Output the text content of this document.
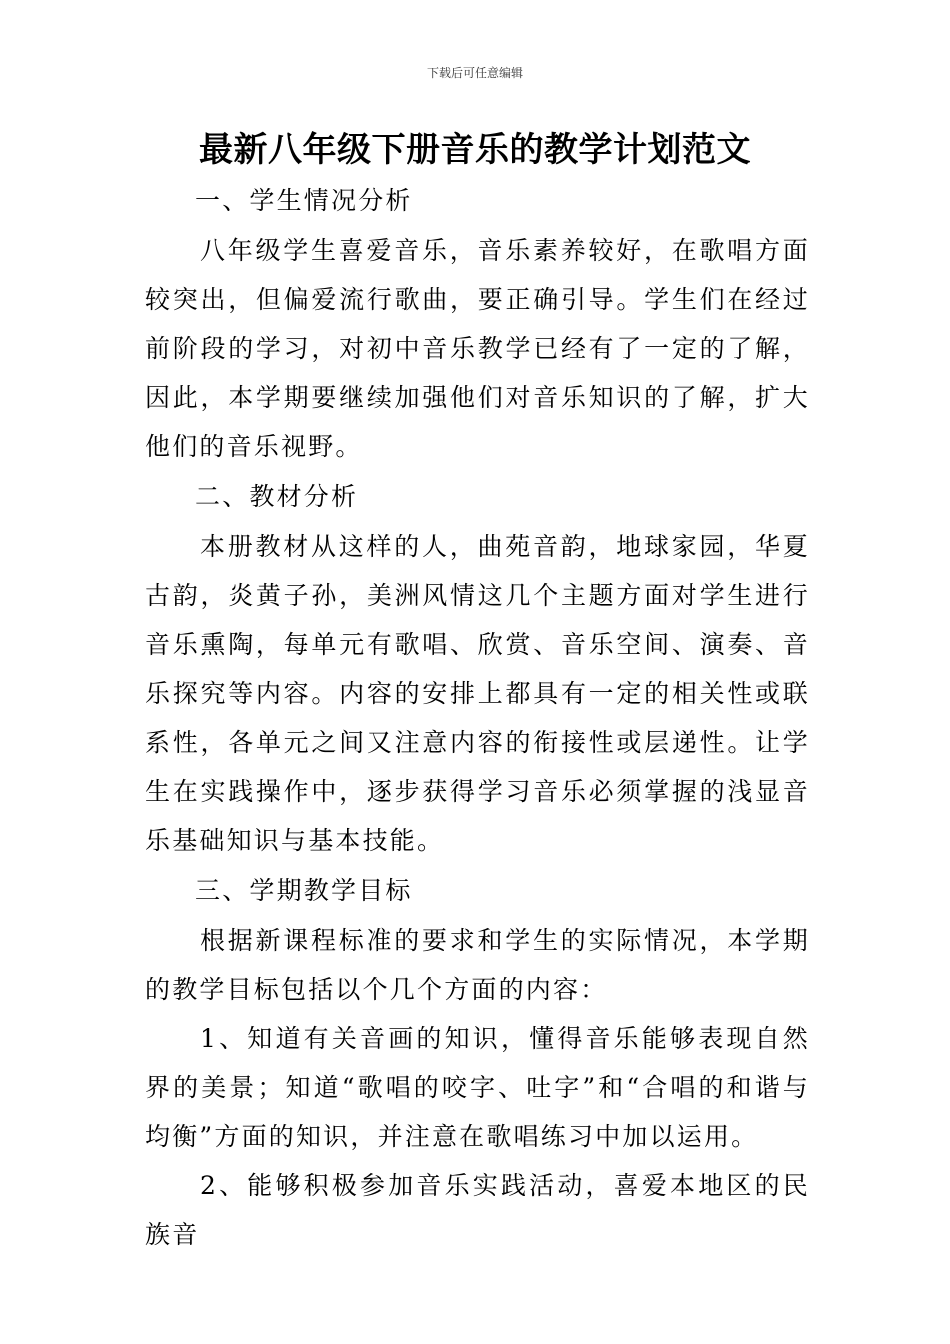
下载后可任意编辑
最新八年级下册音乐的教学计划范文

一、学生情况分析

八年级学生喜爱音乐，音乐素养较好，在歌唱方面较突出，但偏爱流行歌曲，要正确引导。学生们在经过前阶段的学习，对初中音乐教学已经有了一定的了解，因此，本学期要继续加强他们对音乐知识的了解，扩大他们的音乐视野。

二、教材分析

本册教材从这样的人，曲苑音韵，地球家园，华夏古韵，炎黄子孙，美洲风情这几个主题方面对学生进行音乐熏陶，每单元有歌唱、欣赏、音乐空间、演奏、音乐探究等内容。内容的安排上都具有一定的相关性或联系性，各单元之间又注意内容的衔接性或层递性。让学生在实践操作中，逐步获得学习音乐必须掌握的浅显音乐基础知识与基本技能。

三、学期教学目标

根据新课程标准的要求和学生的实际情况，本学期的教学目标包括以个几个方面的内容：

1、知道有关音画的知识，懂得音乐能够表现自然界的美景；知道“歌唱的咬字、吐字”和“合唱的和谐与均衡”方面的知识，并注意在歌唱练习中加以运用。

2、能够积极参加音乐实践活动，喜爱本地区的民族音
